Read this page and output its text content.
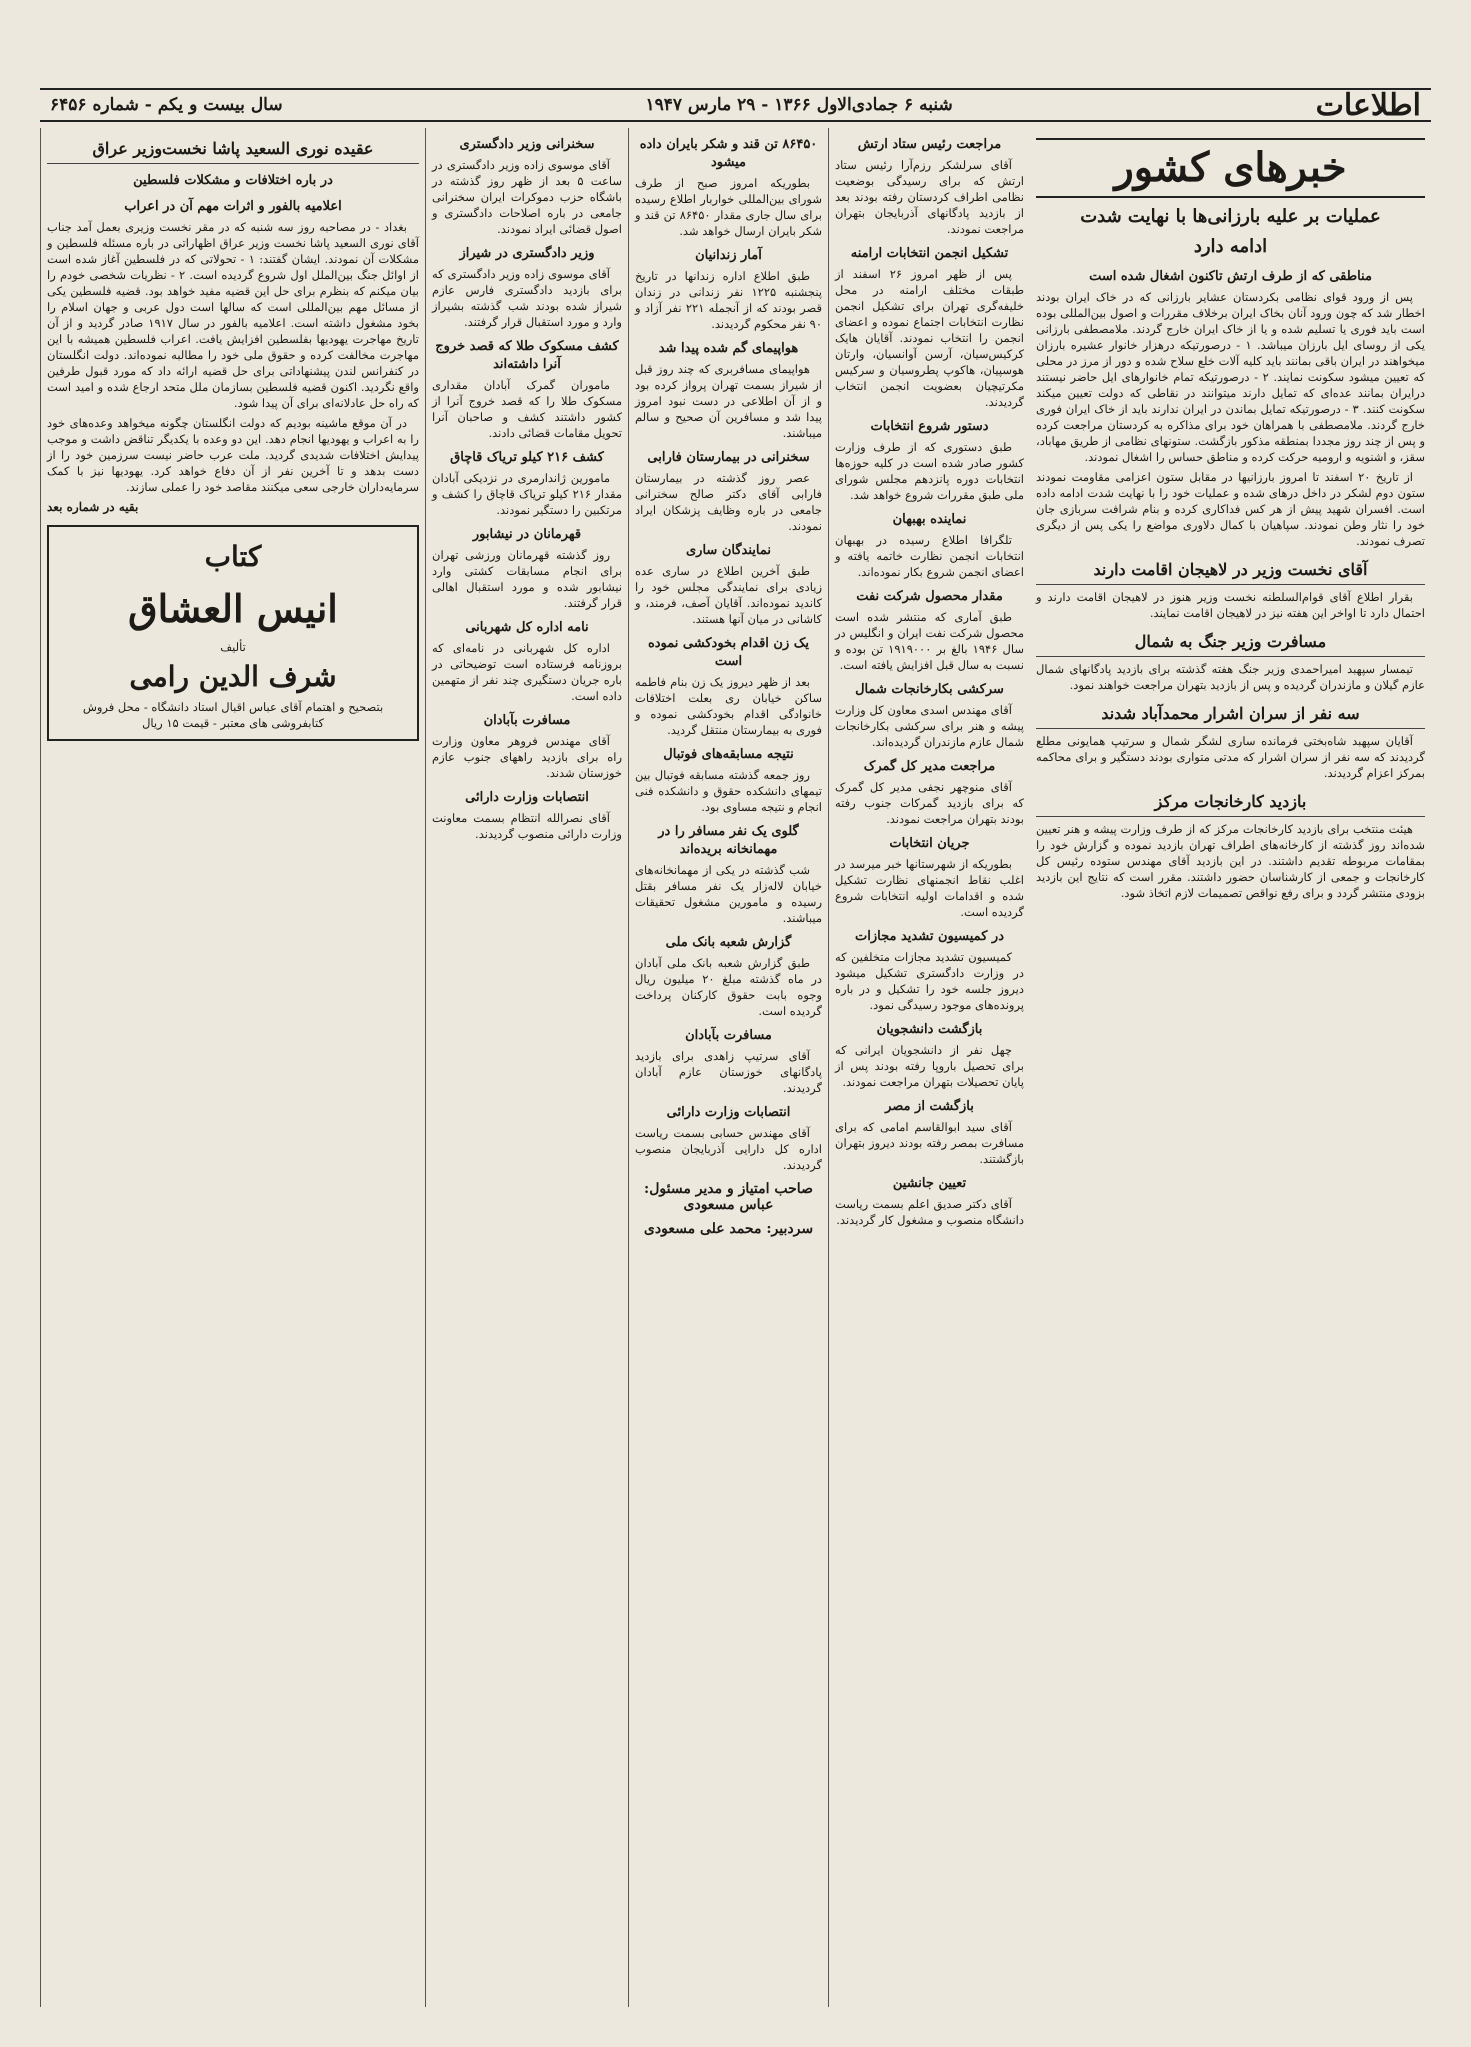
اطلاعات
شنبه ۶ جمادی‌الاول ۱۳۶۶ - ۲۹ مارس ۱۹۴۷
سال بیست و یکم - شماره ۶۴۵۶
خبرهای کشور
عملیات بر علیه بارزانی‌ها با نهایت شدت
ادامه دارد
مناطقی که از طرف ارتش تاکنون اشغال شده است

پس از ورود قوای نظامی بکردستان عشایر بارزانی که در خاک ایران بودند اخطار شد که چون ورود آنان بخاک ایران برخلاف مقررات و اصول بین‌المللی بوده است باید فوری یا تسلیم شده و یا از خاک ایران خارج گردند. ملامصطفی بارزانی یکی از روسای ایل بارزان میباشد. ۱ - درصورتیکه درهزار خانوار عشیره بارزان میخواهند در ایران باقی بمانند باید کلیه آلات خلع سلاح شده و دور از مرز در محلی که تعیین میشود سکونت نمایند. ۲ - درصورتیکه تمام خانوارهای ایل حاضر نیستند درایران بمانند عده‌ای که تمایل دارند میتوانند در نقاطی که دولت تعیین میکند سکونت کنند. ۳ - درصورتیکه تمایل بماندن در ایران ندارند باید از خاک ایران فوری خارج گردند. ملامصطفی با همراهان خود برای مذاکره به کردستان مراجعت کرده و پس از چند روز مجددا بمنطقه مذکور بازگشت. ستونهای نظامی از طریق مهاباد، سقز، و اشنویه و ارومیه حرکت کرده و مناطق حساس را اشغال نمودند.

از تاریخ ۲۰ اسفند تا امروز بارزانیها در مقابل ستون اعزامی مقاومت نمودند ستون دوم لشکر در داخل درهای شده و عملیات خود را با نهایت شدت ادامه داده است. افسران شهید پیش از هر کس فداکاری کرده و بنام شرافت سربازی جان خود را نثار وطن نمودند. سپاهیان با کمال دلاوری مواضع را یکی پس از دیگری تصرف نمودند.

آقای نخست وزیر در لاهیجان اقامت دارند

بقرار اطلاع آقای قوام‌السلطنه نخست وزیر هنوز در لاهیجان اقامت دارند و احتمال دارد تا اواخر این هفته نیز در لاهیجان اقامت نمایند.

مسافرت وزیر جنگ به شمال

تیمسار سپهبد امیراحمدی وزیر جنگ هفته گذشته برای بازدید پادگانهای شمال عازم گیلان و مازندران گردیده و پس از بازدید بتهران مراجعت خواهند نمود.

سه نفر از سران اشرار محمدآباد شدند

آقایان سپهبد شاه‌بختی فرمانده ساری لشگر شمال و سرتیپ همایونی مطلع گردیدند که سه نفر از سران اشرار که مدتی متواری بودند دستگیر و برای محاکمه بمرکز اعزام گردیدند.

بازدید کارخانجات مرکز

هیئت منتخب برای بازدید کارخانجات مرکز که از طرف وزارت پیشه و هنر تعیین شده‌اند روز گذشته از کارخانه‌های اطراف تهران بازدید نموده و گزارش خود را بمقامات مربوطه تقدیم داشتند. در این بازدید آقای مهندس ستوده رئیس کل کارخانجات و جمعی از کارشناسان حضور داشتند. مقرر است که نتایج این بازدید بزودی منتشر گردد و برای رفع نواقص تصمیمات لازم اتخاذ شود.

مراجعت رئیس ستاد ارتش

آقای سرلشکر رزم‌آرا رئیس ستاد ارتش که برای رسیدگی بوضعیت نظامی اطراف کردستان رفته بودند بعد از بازدید پادگانهای آذربایجان بتهران مراجعت نمودند.

تشکیل انجمن انتخابات ارامنه

پس از ظهر امروز ۲۶ اسفند از طبقات مختلف ارامنه در محل خلیفه‌گری تهران برای تشکیل انجمن نظارت انتخابات اجتماع نموده و اعضای انجمن را انتخاب نمودند. آقایان هایک کرکیس‌سیان، آرسن آوانسیان، وارتان هوسپیان، هاکوپ پطروسیان و سرکیس مکرتیچیان بعضویت انجمن انتخاب گردیدند.

دستور شروع انتخابات

طبق دستوری که از طرف وزارت کشور صادر شده است در کلیه حوزه‌ها انتخابات دوره پانزدهم مجلس شورای ملی طبق مقررات شروع خواهد شد.

نماینده بهبهان

تلگرافا اطلاع رسیده در بهبهان انتخابات انجمن نظارت خاتمه یافته و اعضای انجمن شروع بکار نموده‌اند.

مقدار محصول شرکت نفت

طبق آماری که منتشر شده است محصول شرکت نفت ایران و انگلیس در سال ۱۹۴۶ بالغ بر ۱۹۱۹۰۰۰ تن بوده و نسبت به سال قبل افزایش یافته است.

سرکشی بکارخانجات شمال

آقای مهندس اسدی معاون کل وزارت پیشه و هنر برای سرکشی بکارخانجات شمال عازم مازندران گردیده‌اند.

مراجعت مدیر کل گمرک

آقای منوچهر نجفی مدیر کل گمرک که برای بازدید گمرکات جنوب رفته بودند بتهران مراجعت نمودند.

جریان انتخابات

بطوریکه از شهرستانها خبر میرسد در اغلب نقاط انجمنهای نظارت تشکیل شده و اقدامات اولیه انتخابات شروع گردیده است.

در کمیسیون تشدید مجازات

کمیسیون تشدید مجازات متخلفین که در وزارت دادگستری تشکیل میشود دیروز جلسه خود را تشکیل و در باره پرونده‌های موجود رسیدگی نمود.

بازگشت دانشجویان

چهل نفر از دانشجویان ایرانی که برای تحصیل باروپا رفته بودند پس از پایان تحصیلات بتهران مراجعت نمودند.

بازگشت از مصر

آقای سید ابوالقاسم امامی که برای مسافرت بمصر رفته بودند دیروز بتهران بازگشتند.

تعیین جانشین

آقای دکتر صدیق اعلم بسمت ریاست دانشگاه منصوب و مشغول کار گردیدند.

۸۶۴۵۰ تن قند و شکر بایران داده میشود

بطوریکه امروز صبح از طرف شورای بین‌المللی خواربار اطلاع رسیده برای سال جاری مقدار ۸۶۴۵۰ تن قند و شکر بایران ارسال خواهد شد.

آمار زندانیان

طبق اطلاع اداره زندانها در تاریخ پنجشنبه ۱۲۲۵ نفر زندانی در زندان قصر بودند که از آنجمله ۲۲۱ نفر آزاد و ۹۰ نفر محکوم گردیدند.

هواپیمای گم شده پیدا شد

هواپیمای مسافربری که چند روز قبل از شیراز بسمت تهران پرواز کرده بود و از آن اطلاعی در دست نبود امروز پیدا شد و مسافرین آن صحیح و سالم میباشند.

سخنرانی در بیمارستان فارابی

عصر روز گذشته در بیمارستان فارابی آقای دکتر صالح سخنرانی جامعی در باره وظایف پزشکان ایراد نمودند.

نمایندگان ساری

طبق آخرین اطلاع در ساری عده زیادی برای نمایندگی مجلس خود را کاندید نموده‌اند. آقایان آصف، فرمند، و کاشانی در میان آنها هستند.

یک زن اقدام بخودکشی نموده است

بعد از ظهر دیروز یک زن بنام فاطمه ساکن خیابان ری بعلت اختلافات خانوادگی اقدام بخودکشی نموده و فوری به بیمارستان منتقل گردید.

نتیجه مسابقه‌های فوتبال

روز جمعه گذشته مسابقه فوتبال بین تیمهای دانشکده حقوق و دانشکده فنی انجام و نتیجه مساوی بود.

گلوی یک نفر مسافر را در مهمانخانه بریده‌اند

شب گذشته در یکی از مهمانخانه‌های خیابان لاله‌زار یک نفر مسافر بقتل رسیده و مامورین مشغول تحقیقات میباشند.

گزارش شعبه بانک ملی

طبق گزارش شعبه بانک ملی آبادان در ماه گذشته مبلغ ۲۰ میلیون ریال وجوه بابت حقوق کارکنان پرداخت گردیده است.

مسافرت بآبادان

آقای سرتیپ زاهدی برای بازدید پادگانهای خوزستان عازم آبادان گردیدند.

انتصابات وزارت دارائی

آقای مهندس حسابی بسمت ریاست اداره کل دارایی آذربایجان منصوب گردیدند.

صاحب امتیاز و مدیر مسئول: عباس مسعودی
سردبیر: محمد علی مسعودی
سخنرانی وزیر دادگستری

آقای موسوی زاده وزیر دادگستری در ساعت ۵ بعد از ظهر روز گذشته در باشگاه حزب دموکرات ایران سخنرانی جامعی در باره اصلاحات دادگستری و اصول قضائی ایراد نمودند.

وزیر دادگستری در شیراز

آقای موسوی زاده وزیر دادگستری که برای بازدید دادگستری فارس عازم شیراز شده بودند شب گذشته بشیراز وارد و مورد استقبال قرار گرفتند.

کشف مسکوک طلا که قصد خروج آنرا داشته‌اند

ماموران گمرک آبادان مقداری مسکوک طلا را که قصد خروج آنرا از کشور داشتند کشف و صاحبان آنرا تحویل مقامات قضائی دادند.

کشف ۲۱۶ کیلو تریاک قاچاق

مامورین ژاندارمری در نزدیکی آبادان مقدار ۲۱۶ کیلو تریاک قاچاق را کشف و مرتکبین را دستگیر نمودند.

قهرمانان در نیشابور

روز گذشته قهرمانان ورزشی تهران برای انجام مسابقات کشتی وارد نیشابور شده و مورد استقبال اهالی قرار گرفتند.

نامه اداره کل شهربانی

اداره کل شهربانی در نامه‌ای که بروزنامه فرستاده است توضیحاتی در باره جریان دستگیری چند نفر از متهمین داده است.

مسافرت بآبادان

آقای مهندس فروهر معاون وزارت راه برای بازدید راههای جنوب عازم خوزستان شدند.

انتصابات وزارت دارائی

آقای نصرالله انتظام بسمت معاونت وزارت دارائی منصوب گردیدند.

عقیده نوری السعید پاشا نخست‌وزیر عراق
در باره اختلافات و مشکلات فلسطین
اعلامیه بالفور و اثرات مهم آن در اعراب

بغداد - در مصاحبه روز سه شنبه که در مقر نخست وزیری بعمل آمد جناب آقای نوری السعید پاشا نخست وزیر عراق اظهاراتی در باره مسئله فلسطین و مشکلات آن نمودند. ایشان گفتند: ۱ - تحولاتی که در فلسطین آغاز شده است از اوائل جنگ بین‌الملل اول شروع گردیده است. ۲ - نظریات شخصی خودم را بیان میکنم که بنظرم برای حل این قضیه مفید خواهد بود. قضیه فلسطین یکی از مسائل مهم بین‌المللی است که سالها است دول عربی و جهان اسلام را بخود مشغول داشته است. اعلامیه بالفور در سال ۱۹۱۷ صادر گردید و از آن تاریخ مهاجرت یهودیها بفلسطین افزایش یافت. اعراب فلسطین همیشه با این مهاجرت مخالفت کرده و حقوق ملی خود را مطالبه نموده‌اند. دولت انگلستان در کنفرانس لندن پیشنهاداتی برای حل قضیه ارائه داد که مورد قبول طرفین واقع نگردید. اکنون قضیه فلسطین بسازمان ملل متحد ارجاع شده و امید است که راه حل عادلانه‌ای برای آن پیدا شود.

در آن موقع ماشینه بودیم که دولت انگلستان چگونه میخواهد وعده‌های خود را به اعراب و یهودیها انجام دهد. این دو وعده با یکدیگر تناقض داشت و موجب پیدایش اختلافات شدیدی گردید. ملت عرب حاضر نیست سرزمین خود را از دست بدهد و تا آخرین نفر از آن دفاع خواهد کرد. یهودیها نیز با کمک سرمایه‌داران خارجی سعی میکنند مقاصد خود را عملی سازند.

بقیه در شماره بعد
کتاب
انیس العشاق
تألیف
شرف الدین رامی
بتصحیح و اهتمام آقای عباس اقبال استاد دانشگاه - محل فروش کتابفروشی های معتبر - قیمت ۱۵ ریال
